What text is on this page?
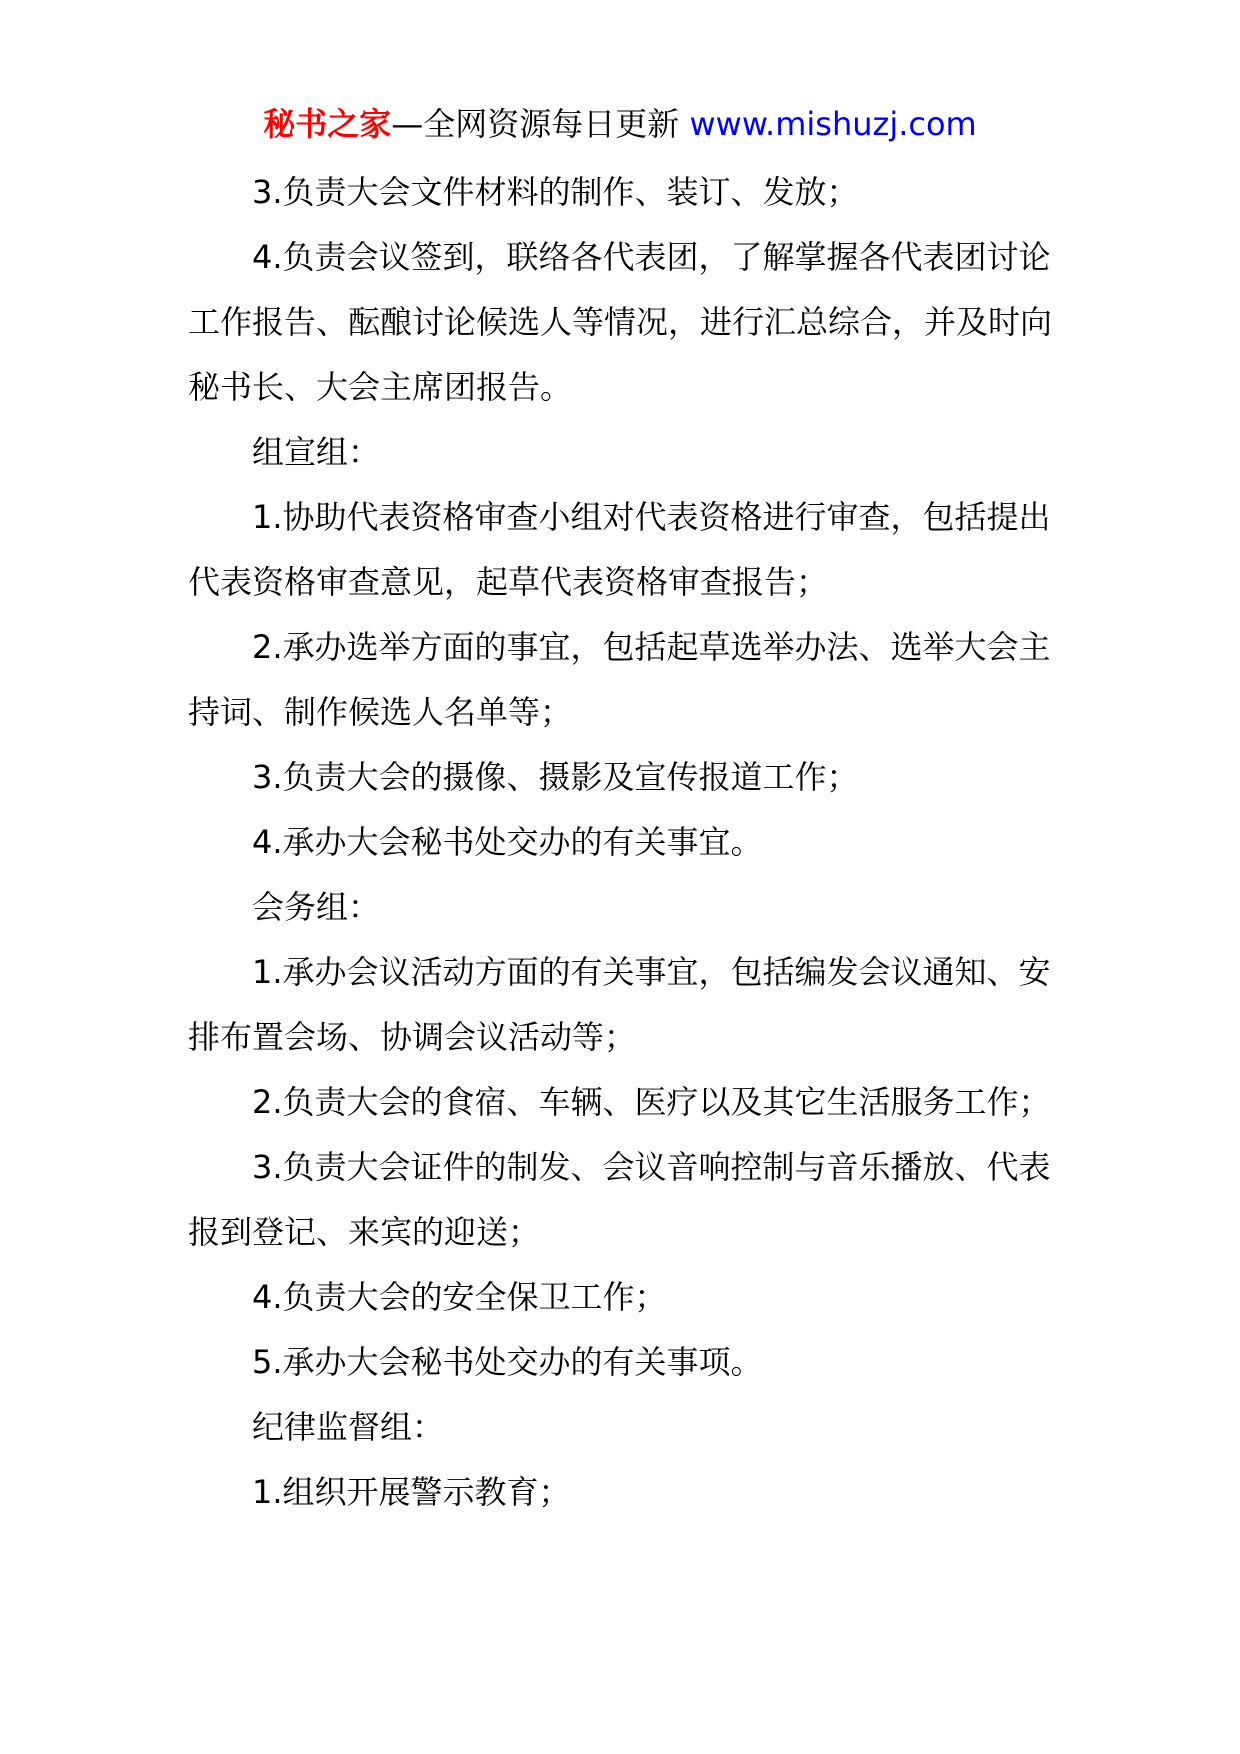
秘书之家—全网资源每日更新 www.mishuzj.com

3.负责大会文件材料的制作、装订、发放；

4.负责会议签到，联络各代表团，了解掌握各代表团讨论工作报告、酝酿讨论候选人等情况，进行汇总综合，并及时向秘书长、大会主席团报告。

组宣组：

1.协助代表资格审查小组对代表资格进行审查，包括提出代表资格审查意见，起草代表资格审查报告；

2.承办选举方面的事宜，包括起草选举办法、选举大会主持词、制作候选人名单等；

3.负责大会的摄像、摄影及宣传报道工作；

4.承办大会秘书处交办的有关事宜。

会务组：

1.承办会议活动方面的有关事宜，包括编发会议通知、安排布置会场、协调会议活动等；

2.负责大会的食宿、车辆、医疗以及其它生活服务工作；

3.负责大会证件的制发、会议音响控制与音乐播放、代表报到登记、来宾的迎送；

4.负责大会的安全保卫工作；

5.承办大会秘书处交办的有关事项。

纪律监督组：

1.组织开展警示教育；
